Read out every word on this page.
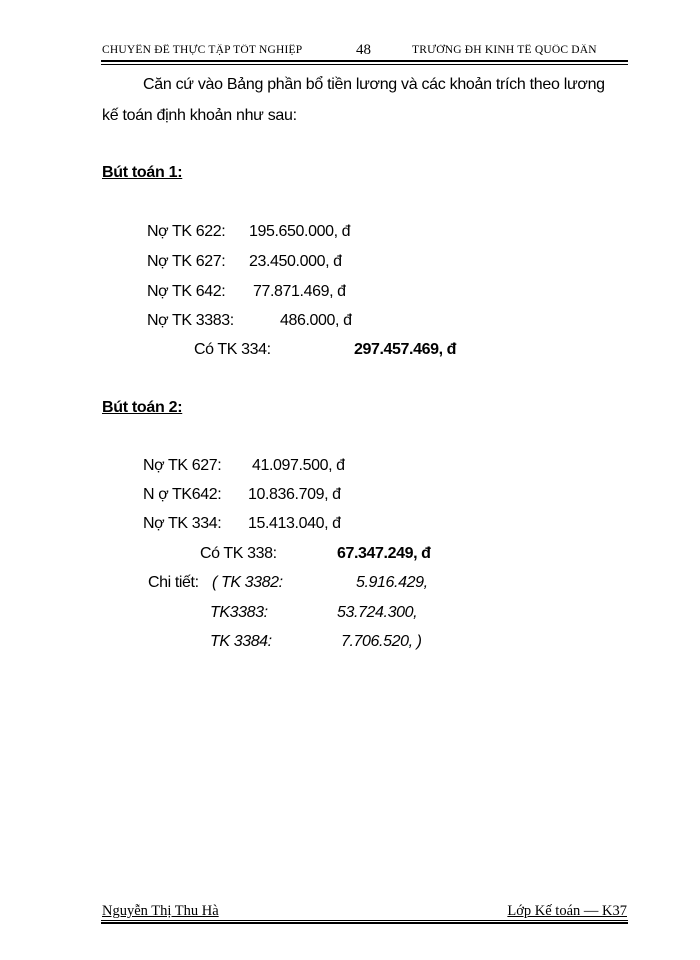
CHUYÊN ĐỀ THỰC TẬP TỐT NGHIỆP	48	TRƯỜNG ĐH KINH TẾ QUỐC DÂN
Căn cứ vào Bảng phần bổ tiền lương và các khoản trích theo lương
kế toán định khoản như sau:
Bút toán 1:
Nợ TK 622: 195.650.000, đ
Nợ TK 627: 23.450.000, đ
Nợ TK 642: 77.871.469, đ
Nợ TK 3383:	486.000, đ
Có TK 334:	297.457.469, đ
Bút toán 2:
Nợ TK 627: 41.097.500, đ
N ợ TK642: 10.836.709, đ
Nợ TK 334: 15.413.040, đ
Có TK 338:	67.347.249, đ
Chi tiết: ( TK 3382:	5.916.429,
TK3383:	53.724.300,
TK 3384:	7.706.520, )
Nguyễn Thị Thu Hà	Lớp Kế toán — K37
